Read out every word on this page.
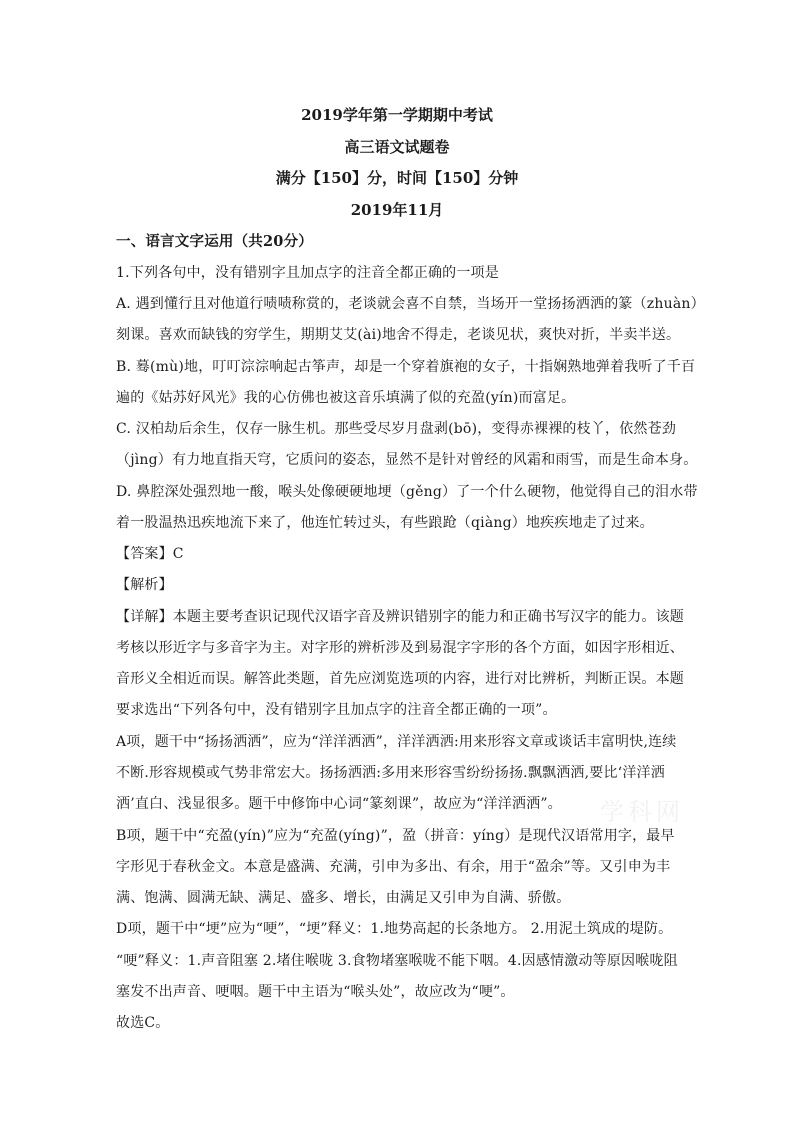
2019学年第一学期期中考试
高三语文试题卷
满分【150】分，时间【150】分钟
2019年11月
一、语言文字运用（共20分）
1.下列各句中，没有错别字且加点字的注音全都正确的一项是
A. 遇到懂行且对他道行啧啧称赏的，老谈就会喜不自禁，当场开一堂扬扬洒洒的篆（zhuàn）
刻课。喜欢而缺钱的穷学生，期期艾艾(ài)地舍不得走，老谈见状，爽快对折，半卖半送。
B. 蓦(mù)地，叮叮淙淙响起古筝声，却是一个穿着旗袍的女子，十指娴熟地弹着我听了千百
遍的《姑苏好风光》我的心仿佛也被这音乐填满了似的充盈(yín)而富足。
C. 汉柏劫后余生，仅存一脉生机。那些受尽岁月盘剥(bō)，变得赤裸裸的枝丫，依然苍劲
（jìng）有力地直指天穹，它质问的姿态，显然不是针对曾经的风霜和雨雪，而是生命本身。
D. 鼻腔深处强烈地一酸，喉头处像硬硬地埂（gěng）了一个什么硬物，他觉得自己的泪水带
着一股温热迅疾地流下来了，他连忙转过头，有些踉跄（qiàng）地疾疾地走了过来。
【答案】C
【解析】
【详解】本题主要考查识记现代汉语字音及辨识错别字的能力和正确书写汉字的能力。该题
考核以形近字与多音字为主。对字形的辨析涉及到易混字字形的各个方面，如因字形相近、
音形义全相近而误。解答此类题，首先应浏览选项的内容，进行对比辨析，判断正误。本题
要求选出“下列各句中，没有错别字且加点字的注音全都正确的一项”。
A项，题干中“扬扬洒洒”，应为“洋洋洒洒”，洋洋洒洒:用来形容文章或谈话丰富明快,连续
不断.形容规模或气势非常宏大。扬扬洒洒:多用来形容雪纷纷扬扬.飘飘洒洒,要比‘洋洋洒
洒’直白、浅显很多。题干中修饰中心词“篆刻课”，故应为“洋洋洒洒”。
B项，题干中“充盈(yín)”应为“充盈(yíng)”，盈（拼音：yíng）是现代汉语常用字，最早
字形见于春秋金文。本意是盛满、充满，引申为多出、有余，用于“盈余”等。又引申为丰
满、饱满、圆满无缺、满足、盛多、增长，由满足又引申为自满、骄傲。
D项，题干中“埂”应为“哽”，“埂”释义：1.地势高起的长条地方。 2.用泥土筑成的堤防。
“哽”释义：1.声音阻塞 2.堵住喉咙 3.食物堵塞喉咙不能下咽。4.因感情激动等原因喉咙阻
塞发不出声音、哽咽。题干中主语为“喉头处”，故应改为“哽”。
故选C。
学科网
